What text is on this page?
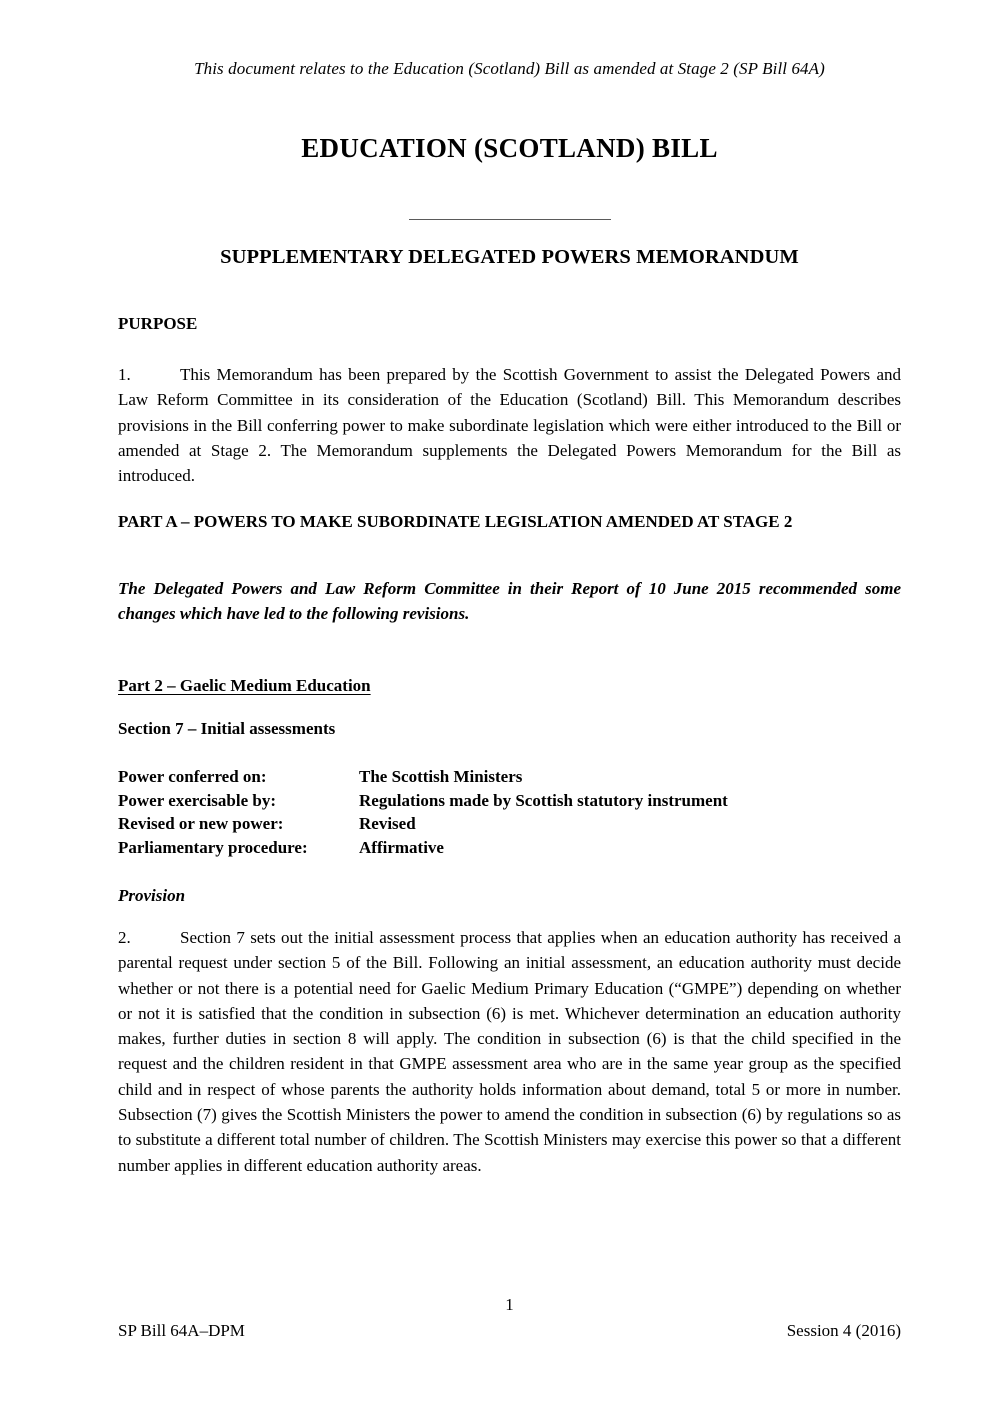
This document relates to the Education (Scotland) Bill as amended at Stage 2 (SP Bill 64A)
EDUCATION (SCOTLAND) BILL
SUPPLEMENTARY DELEGATED POWERS MEMORANDUM
PURPOSE
1.	This Memorandum has been prepared by the Scottish Government to assist the Delegated Powers and Law Reform Committee in its consideration of the Education (Scotland) Bill. This Memorandum describes provisions in the Bill conferring power to make subordinate legislation which were either introduced to the Bill or amended at Stage 2. The Memorandum supplements the Delegated Powers Memorandum for the Bill as introduced.
PART A – POWERS TO MAKE SUBORDINATE LEGISLATION AMENDED AT STAGE 2
The Delegated Powers and Law Reform Committee in their Report of 10 June 2015 recommended some changes which have led to the following revisions.
Part 2 – Gaelic Medium Education
Section 7 – Initial assessments
Power conferred on:	The Scottish Ministers
Power exercisable by:	Regulations made by Scottish statutory instrument
Revised or new power:	Revised
Parliamentary procedure:	Affirmative
Provision
2.	Section 7 sets out the initial assessment process that applies when an education authority has received a parental request under section 5 of the Bill. Following an initial assessment, an education authority must decide whether or not there is a potential need for Gaelic Medium Primary Education (“GMPE”) depending on whether or not it is satisfied that the condition in subsection (6) is met. Whichever determination an education authority makes, further duties in section 8 will apply. The condition in subsection (6) is that the child specified in the request and the children resident in that GMPE assessment area who are in the same year group as the specified child and in respect of whose parents the authority holds information about demand, total 5 or more in number. Subsection (7) gives the Scottish Ministers the power to amend the condition in subsection (6) by regulations so as to substitute a different total number of children. The Scottish Ministers may exercise this power so that a different number applies in different education authority areas.
1
SP Bill 64A–DPM	Session 4 (2016)
